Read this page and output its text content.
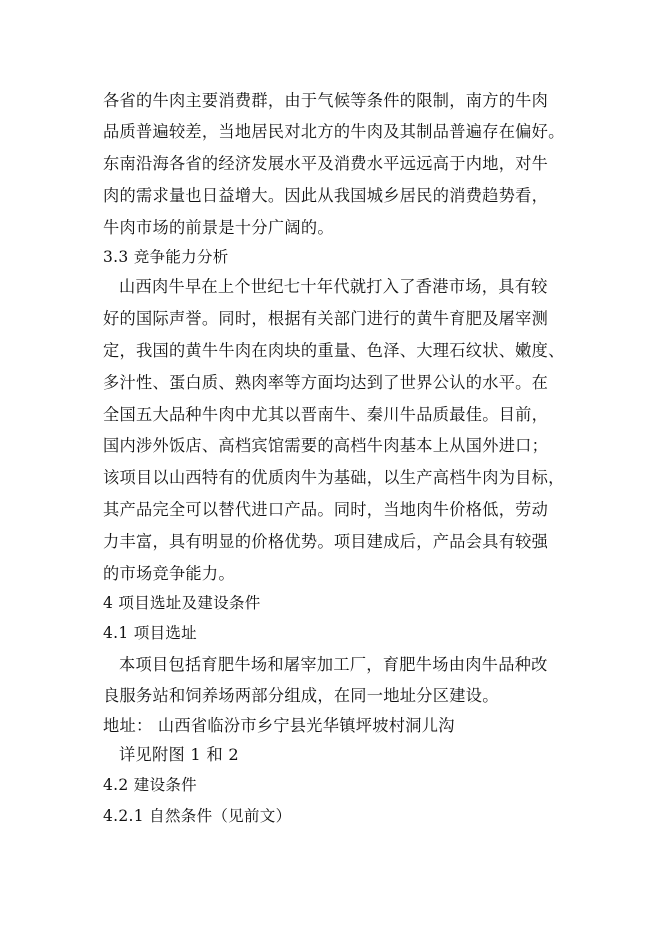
各省的牛肉主要消费群，由于气候等条件的限制，南方的牛肉
品质普遍较差，当地居民对北方的牛肉及其制品普遍存在偏好。
东南沿海各省的经济发展水平及消费水平远远高于内地，对牛
肉的需求量也日益增大。因此从我国城乡居民的消费趋势看，
牛肉市场的前景是十分广阔的。
3.3 竞争能力分析
山西肉牛早在上个世纪七十年代就打入了香港市场，具有较
好的国际声誉。同时，根据有关部门进行的黄牛育肥及屠宰测
定，我国的黄牛牛肉在肉块的重量、色泽、大理石纹状、嫩度、
多汁性、蛋白质、熟肉率等方面均达到了世界公认的水平。在
全国五大品种牛肉中尤其以晋南牛、秦川牛品质最佳。目前，
国内涉外饭店、高档宾馆需要的高档牛肉基本上从国外进口；
该项目以山西特有的优质肉牛为基础，以生产高档牛肉为目标，
其产品完全可以替代进口产品。同时，当地肉牛价格低，劳动
力丰富，具有明显的价格优势。项目建成后，产品会具有较强
的市场竞争能力。
4 项目选址及建设条件
4.1 项目选址
本项目包括育肥牛场和屠宰加工厂，育肥牛场由肉牛品种改
良服务站和饲养场两部分组成，在同一地址分区建设。
地址： 山西省临汾市乡宁县光华镇坪坡村洞儿沟
详见附图 1 和 2
4.2 建设条件
4.2.1 自然条件（见前文）
